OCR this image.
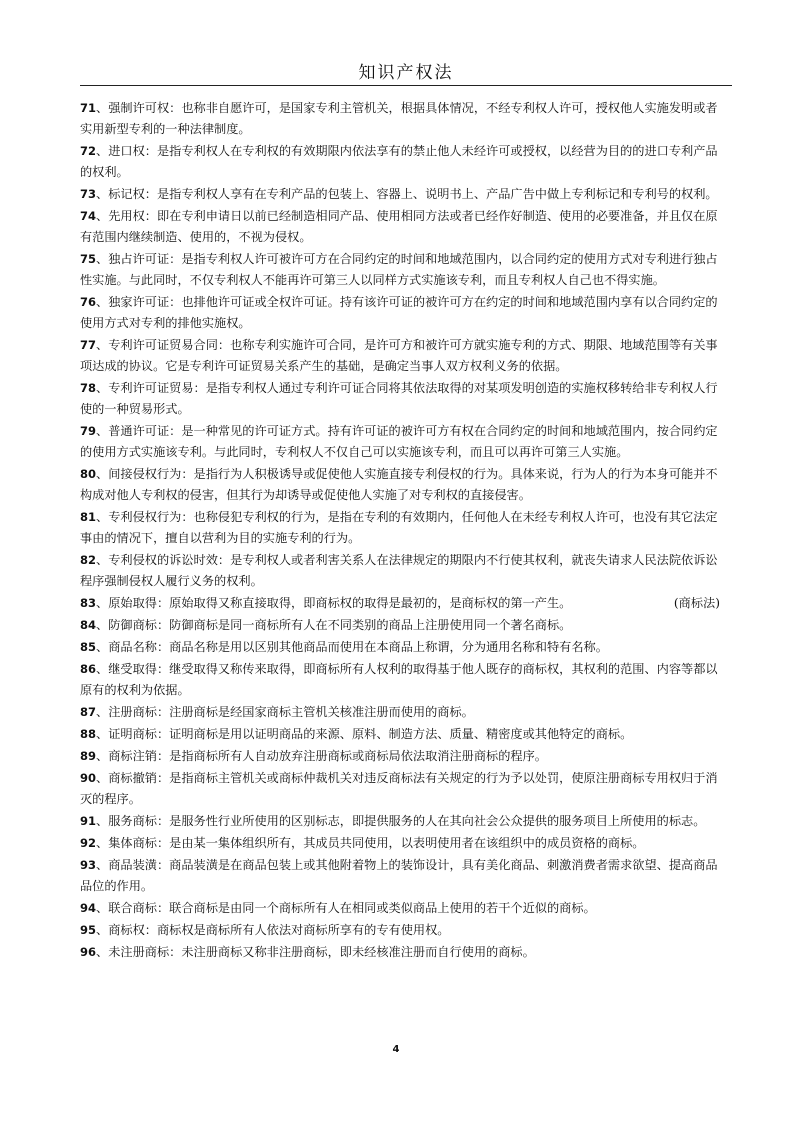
知识产权法

71、强制许可权：也称非自愿许可，是国家专利主管机关，根据具体情况，不经专利权人许可，授权他人实施发明或者实用新型专利的一种法律制度。

72、进口权：是指专利权人在专利权的有效期限内依法享有的禁止他人未经许可或授权，以经营为目的的进口专利产品的权利。

73、标记权：是指专利权人享有在专利产品的包装上、容器上、说明书上、产品广告中做上专利标记和专利号的权利。

74、先用权：即在专利申请日以前已经制造相同产品、使用相同方法或者已经作好制造、使用的必要准备，并且仅在原有范围内继续制造、使用的，不视为侵权。

75、独占许可证：是指专利权人许可被许可方在合同约定的时间和地域范围内，以合同约定的使用方式对专利进行独占性实施。与此同时，不仅专利权人不能再许可第三人以同样方式实施该专利，而且专利权人自己也不得实施。

76、独家许可证：也排他许可证或全权许可证。持有该许可证的被许可方在约定的时间和地域范围内享有以合同约定的使用方式对专利的排他实施权。

77、专利许可证贸易合同：也称专利实施许可合同，是许可方和被许可方就实施专利的方式、期限、地域范围等有关事项达成的协议。它是专利许可证贸易关系产生的基础，是确定当事人双方权利义务的依据。

78、专利许可证贸易：是指专利权人通过专利许可证合同将其依法取得的对某项发明创造的实施权移转给非专利权人行使的一种贸易形式。

79、普通许可证：是一种常见的许可证方式。持有许可证的被许可方有权在合同约定的时间和地域范围内，按合同约定的使用方式实施该专利。与此同时，专利权人不仅自己可以实施该专利，而且可以再许可第三人实施。

80、间接侵权行为：是指行为人积极诱导或促使他人实施直接专利侵权的行为。具体来说，行为人的行为本身可能并不构成对他人专利权的侵害，但其行为却诱导或促使他人实施了对专利权的直接侵害。

81、专利侵权行为：也称侵犯专利权的行为，是指在专利的有效期内，任何他人在未经专利权人许可，也没有其它法定事由的情况下，擅自以营利为目的实施专利的行为。

82、专利侵权的诉讼时效：是专利权人或者利害关系人在法律规定的期限内不行使其权利，就丧失请求人民法院依诉讼程序强制侵权人履行义务的权利。

(商标法)
83、原始取得：原始取得又称直接取得，即商标权的取得是最初的，是商标权的第一产生。

84、防御商标：防御商标是同一商标所有人在不同类别的商品上注册使用同一个著名商标。

85、商品名称：商品名称是用以区别其他商品而使用在本商品上称谓，分为通用名称和特有名称。

86、继受取得：继受取得又称传来取得，即商标所有人权利的取得基于他人既存的商标权，其权利的范围、内容等都以原有的权利为依据。

87、注册商标：注册商标是经国家商标主管机关核准注册而使用的商标。

88、证明商标：证明商标是用以证明商品的来源、原料、制造方法、质量、精密度或其他特定的商标。

89、商标注销：是指商标所有人自动放弃注册商标或商标局依法取消注册商标的程序。

90、商标撤销：是指商标主管机关或商标仲裁机关对违反商标法有关规定的行为予以处罚，使原注册商标专用权归于消灭的程序。

91、服务商标：是服务性行业所使用的区别标志，即提供服务的人在其向社会公众提供的服务项目上所使用的标志。

92、集体商标：是由某一集体组织所有，其成员共同使用，以表明使用者在该组织中的成员资格的商标。

93、商品装潢：商品装潢是在商品包装上或其他附着物上的装饰设计，具有美化商品、刺激消费者需求欲望、提高商品品位的作用。

94、联合商标：联合商标是由同一个商标所有人在相同或类似商品上使用的若干个近似的商标。

95、商标权：商标权是商标所有人依法对商标所享有的专有使用权。

96、未注册商标：未注册商标又称非注册商标，即未经核准注册而自行使用的商标。

4
